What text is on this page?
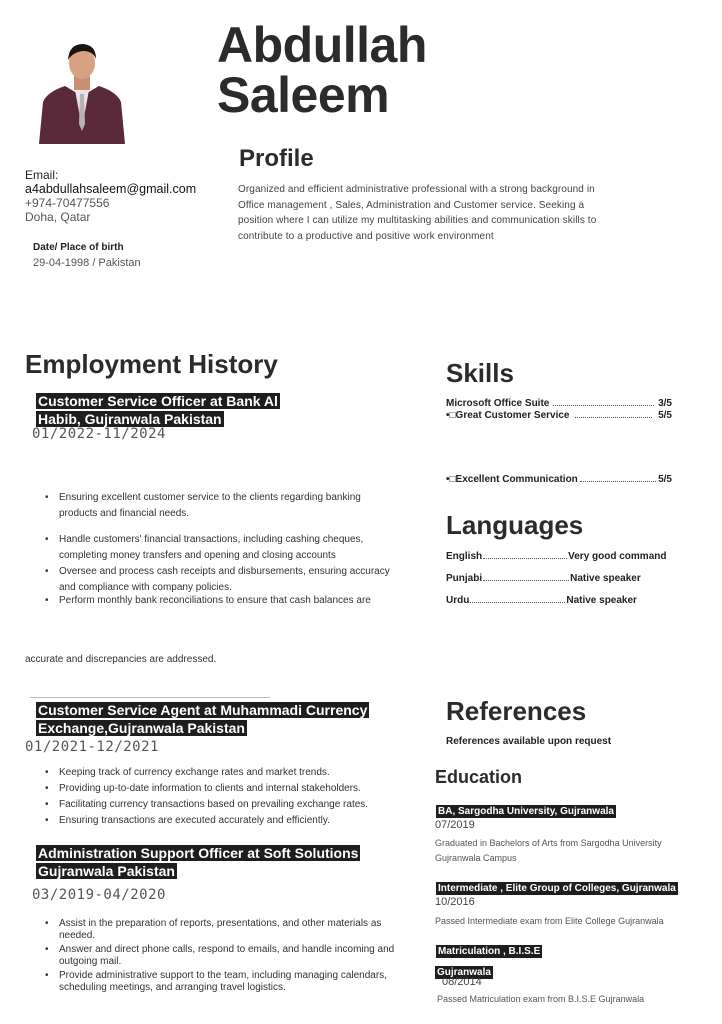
Abdullah
Saleem
Email:
a4abdullahsaleem@gmail.com
+974-70477556
Doha, Qatar
Date/ Place of birth
29-04-1998 / Pakistan
Profile
Organized and efficient administrative professional with a strong background in
Office management , Sales, Administration and Customer service. Seeking a
position where I can utilize my multitasking abilities and communication skills to
contribute to a productive and positive work environment
Employment History
Customer Service Officer at Bank Al
Habib, Gujranwala Pakistan
01/2022-11/2024
• Ensuring excellent customer service to the clients regarding banking products and financial needs.
• Handle customers' financial transactions, including cashing cheques, completing money transfers and opening and closing accounts
• Oversee and process cash receipts and disbursements, ensuring accuracy and compliance with company policies.
• Perform monthly bank reconciliations to ensure that cash balances are
accurate and discrepancies are addressed.
Customer Service Agent at Muhammadi Currency
Exchange,Gujranwala Pakistan
01/2021-12/2021
• Keeping track of currency exchange rates and market trends.
• Providing up-to-date information to clients and internal stakeholders.
• Facilitating currency transactions based on prevailing exchange rates.
• Ensuring transactions are executed accurately and efficiently.
Administration Support Officer at Soft Solutions
Gujranwala Pakistan
03/2019-04/2020
• Assist in the preparation of reports, presentations, and other materials as needed.
• Answer and direct phone calls, respond to emails, and handle incoming and outgoing mail.
• Provide administrative support to the team, including managing calendars, scheduling meetings, and arranging travel logistics.
Skills
Microsoft Office Suite	3/5
•□Great Customer Service	5/5
•□Excellent Communication	5/5
Languages
English	Very good command
Punjabi	Native speaker
Urdu	Native speaker
References
References available upon request
Education
BA, Sargodha University, Gujranwala
07/2019
Graduated in Bachelors of Arts from Sargodha University
Gujranwala Campus
Intermediate , Elite Group of Colleges, Gujranwala
10/2016
Passed Intermediate exam from Elite College Gujranwala
Matriculation , B.I.S.E
Gujranwala
08/2014
Passed Matriculation exam from B.I.S.E Gujranwala
